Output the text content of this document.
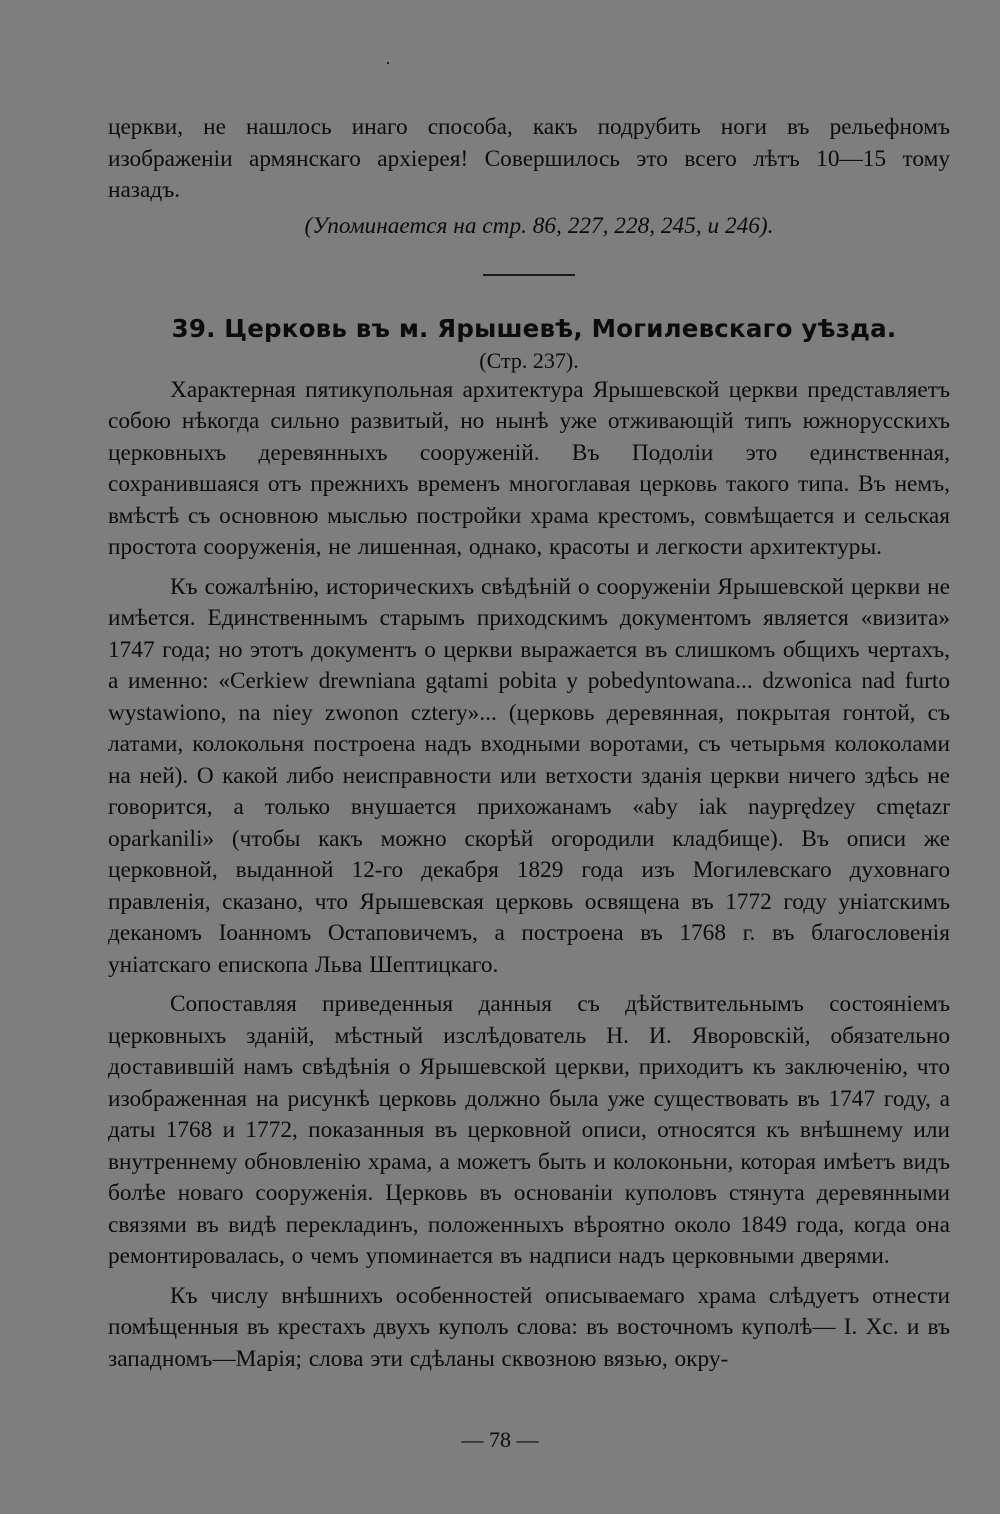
церкви, не нашлось инаго способа, какъ подрубить ноги въ рельефномъ изображеніи армянскаго архіерея! Совершилось это всего лѣтъ 10—15 тому назадъ.

(Упоминается на стр. 86, 227, 228, 245, и 246).

39. Церковь въ м. Ярышевѣ, Могилевскаго уѣзда.

(Стр. 237).

Характерная пятикупольная архитектура Ярышевской церкви представляетъ собою нѣкогда сильно развитый, но нынѣ уже отживающій типъ южнорусскихъ церковныхъ деревянныхъ сооруженій. Въ Подоліи это единственная, сохранившаяся отъ прежнихъ временъ многоглавая церковь такого типа. Въ немъ, вмѣстѣ съ основною мыслью постройки храма крестомъ, совмѣщается и сельская простота сооруженія, не лишенная, однако, красоты и легкости архитектуры.

Къ сожалѣнію, историческихъ свѣдѣній о сооруженіи Ярышевской церкви не имѣется. Единственнымъ старымъ приходскимъ документомъ является «визита» 1747 года; но этотъ документъ о церкви выражается въ слишкомъ общихъ чертахъ, а именно: «Cerkiew drewniana gątami pobita y pobedyntowana... dzwonica nad furto wystawiono, na niey zwonon cztery»... (церковь деревянная, покрытая гонтой, съ латами, колокольня построена надъ входными воротами, съ четырьмя колоколами на ней). О какой либо неисправности или ветхости зданія церкви ничего здѣсь не говорится, а только внушается прихожанамъ «aby iak nayprędzey cmętazr oparkanili» (чтобы какъ можно скорѣй огородили кладбище). Въ описи же церковной, выданной 12-го декабря 1829 года изъ Могилевскаго духовнаго правленія, сказано, что Ярышевская церковь освящена въ 1772 году уніатскимъ деканомъ Іоанномъ Остаповичемъ, а построена въ 1768 г. въ благословенія уніатскаго епископа Льва Шептицкаго.

Сопоставляя приведенныя данныя съ дѣйствительнымъ состояніемъ церковныхъ зданій, мѣстный изслѣдователь Н. И. Яворовскій, обязательно доставившій намъ свѣдѣнія о Ярышевской церкви, приходитъ къ заключенію, что изображенная на рисункѣ церковь должно была уже существовать въ 1747 году, а даты 1768 и 1772, показанныя въ церковной описи, относятся къ внѣшнему или внутреннему обновленію храма, а можетъ быть и колоконьни, которая имѣетъ видъ болѣе новаго сооруженія. Церковь въ основаніи куполовъ стянута деревянными связями въ видѣ перекладинъ, положенныхъ вѣроятно около 1849 года, когда она ремонтировалась, о чемъ упоминается въ надписи надъ церковными дверями.

Къ числу внѣшнихъ особенностей описываемаго храма слѣдуетъ отнести помѣщенныя въ крестахъ двухъ куполъ слова: въ восточномъ куполѣ— І. Хс. и въ западномъ—Марія; слова эти сдѣланы сквозною вязью, окру-

— 78 —
